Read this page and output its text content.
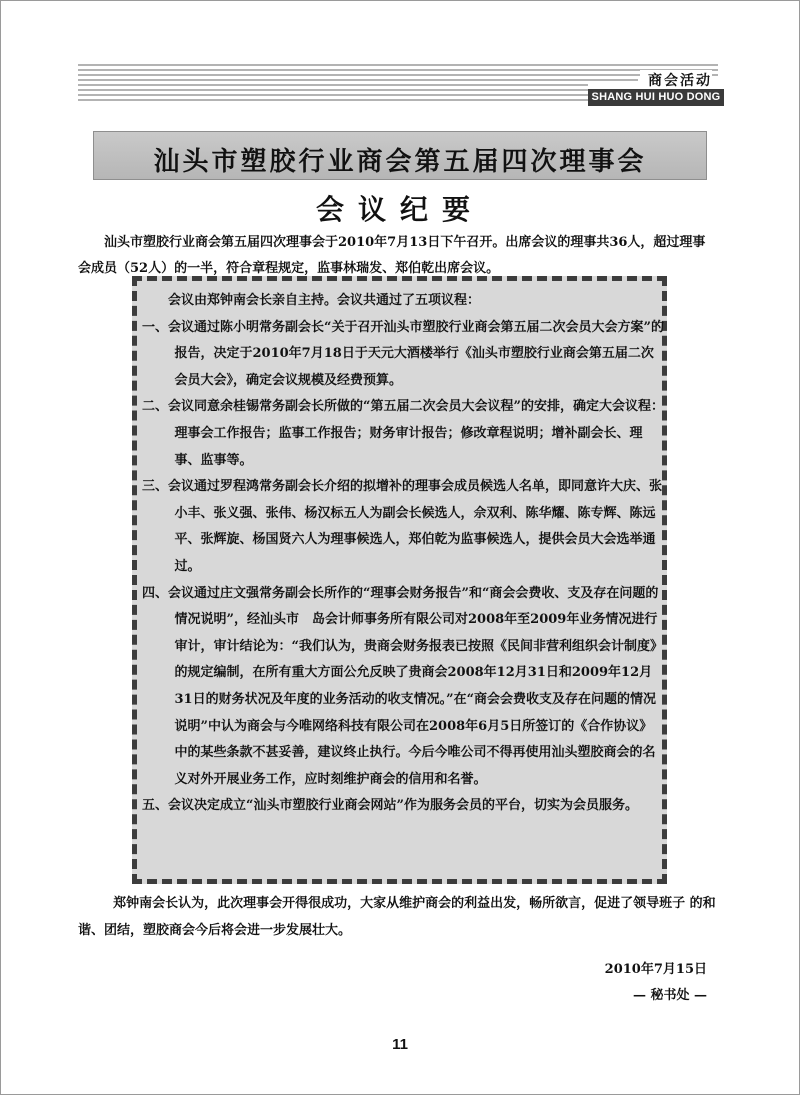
商会活动
SHANG HUI HUO DONG
汕头市塑胶行业商会第五届四次理事会
会议纪要

汕头市塑胶行业商会第五届四次理事会于2010年7月13日下午召开。出席会议的理事共36人，超过理事会成员（52人）的一半，符合章程规定，监事林瑞发、郑伯乾出席会议。

会议由郑钟南会长亲自主持。会议共通过了五项议程：

一、会议通过陈小明常务副会长“关于召开汕头市塑胶行业商会第五届二次会员大会方案”的报告，决定于2010年7月18日于天元大酒楼举行《汕头市塑胶行业商会第五届二次会员大会》，确定会议规模及经费预算。

二、会议同意余桂锡常务副会长所做的“第五届二次会员大会议程”的安排，确定大会议程：理事会工作报告；监事工作报告；财务审计报告；修改章程说明；增补副会长、理事、监事等。

三、会议通过罗程鸿常务副会长介绍的拟增补的理事会成员候选人名单，即同意许大庆、张小丰、张义强、张伟、杨汉标五人为副会长候选人，佘双利、陈华耀、陈专辉、陈远平、张辉旋、杨国贤六人为理事候选人，郑伯乾为监事候选人，提供会员大会选举通过。

四、会议通过庄文强常务副会长所作的“理事会财务报告”和“商会会费收、支及存在问题的情况说明”，经汕头市　岛会计师事务所有限公司对2008年至2009年业务情况进行审计，审计结论为：“我们认为，贵商会财务报表已按照《民间非营利组织会计制度》的规定编制，在所有重大方面公允反映了贵商会2008年12月31日和2009年12月31日的财务状况及年度的业务活动的收支情况。”在“商会会费收支及存在问题的情况说明”中认为商会与今唯网络科技有限公司在2008年6月5日所签订的《合作协议》中的某些条款不甚妥善，建议终止执行。今后今唯公司不得再使用汕头塑胶商会的名义对外开展业务工作，应时刻维护商会的信用和名誉。

五、会议决定成立“汕头市塑胶行业商会网站”作为服务会员的平台，切实为会员服务。

郑钟南会长认为，此次理事会开得很成功，大家从维护商会的利益出发，畅所欲言，促进了领导班子 的和谐、团结，塑胶商会今后将会进一步发展壮大。

2010年7月15日
— 秘书处 —
11
